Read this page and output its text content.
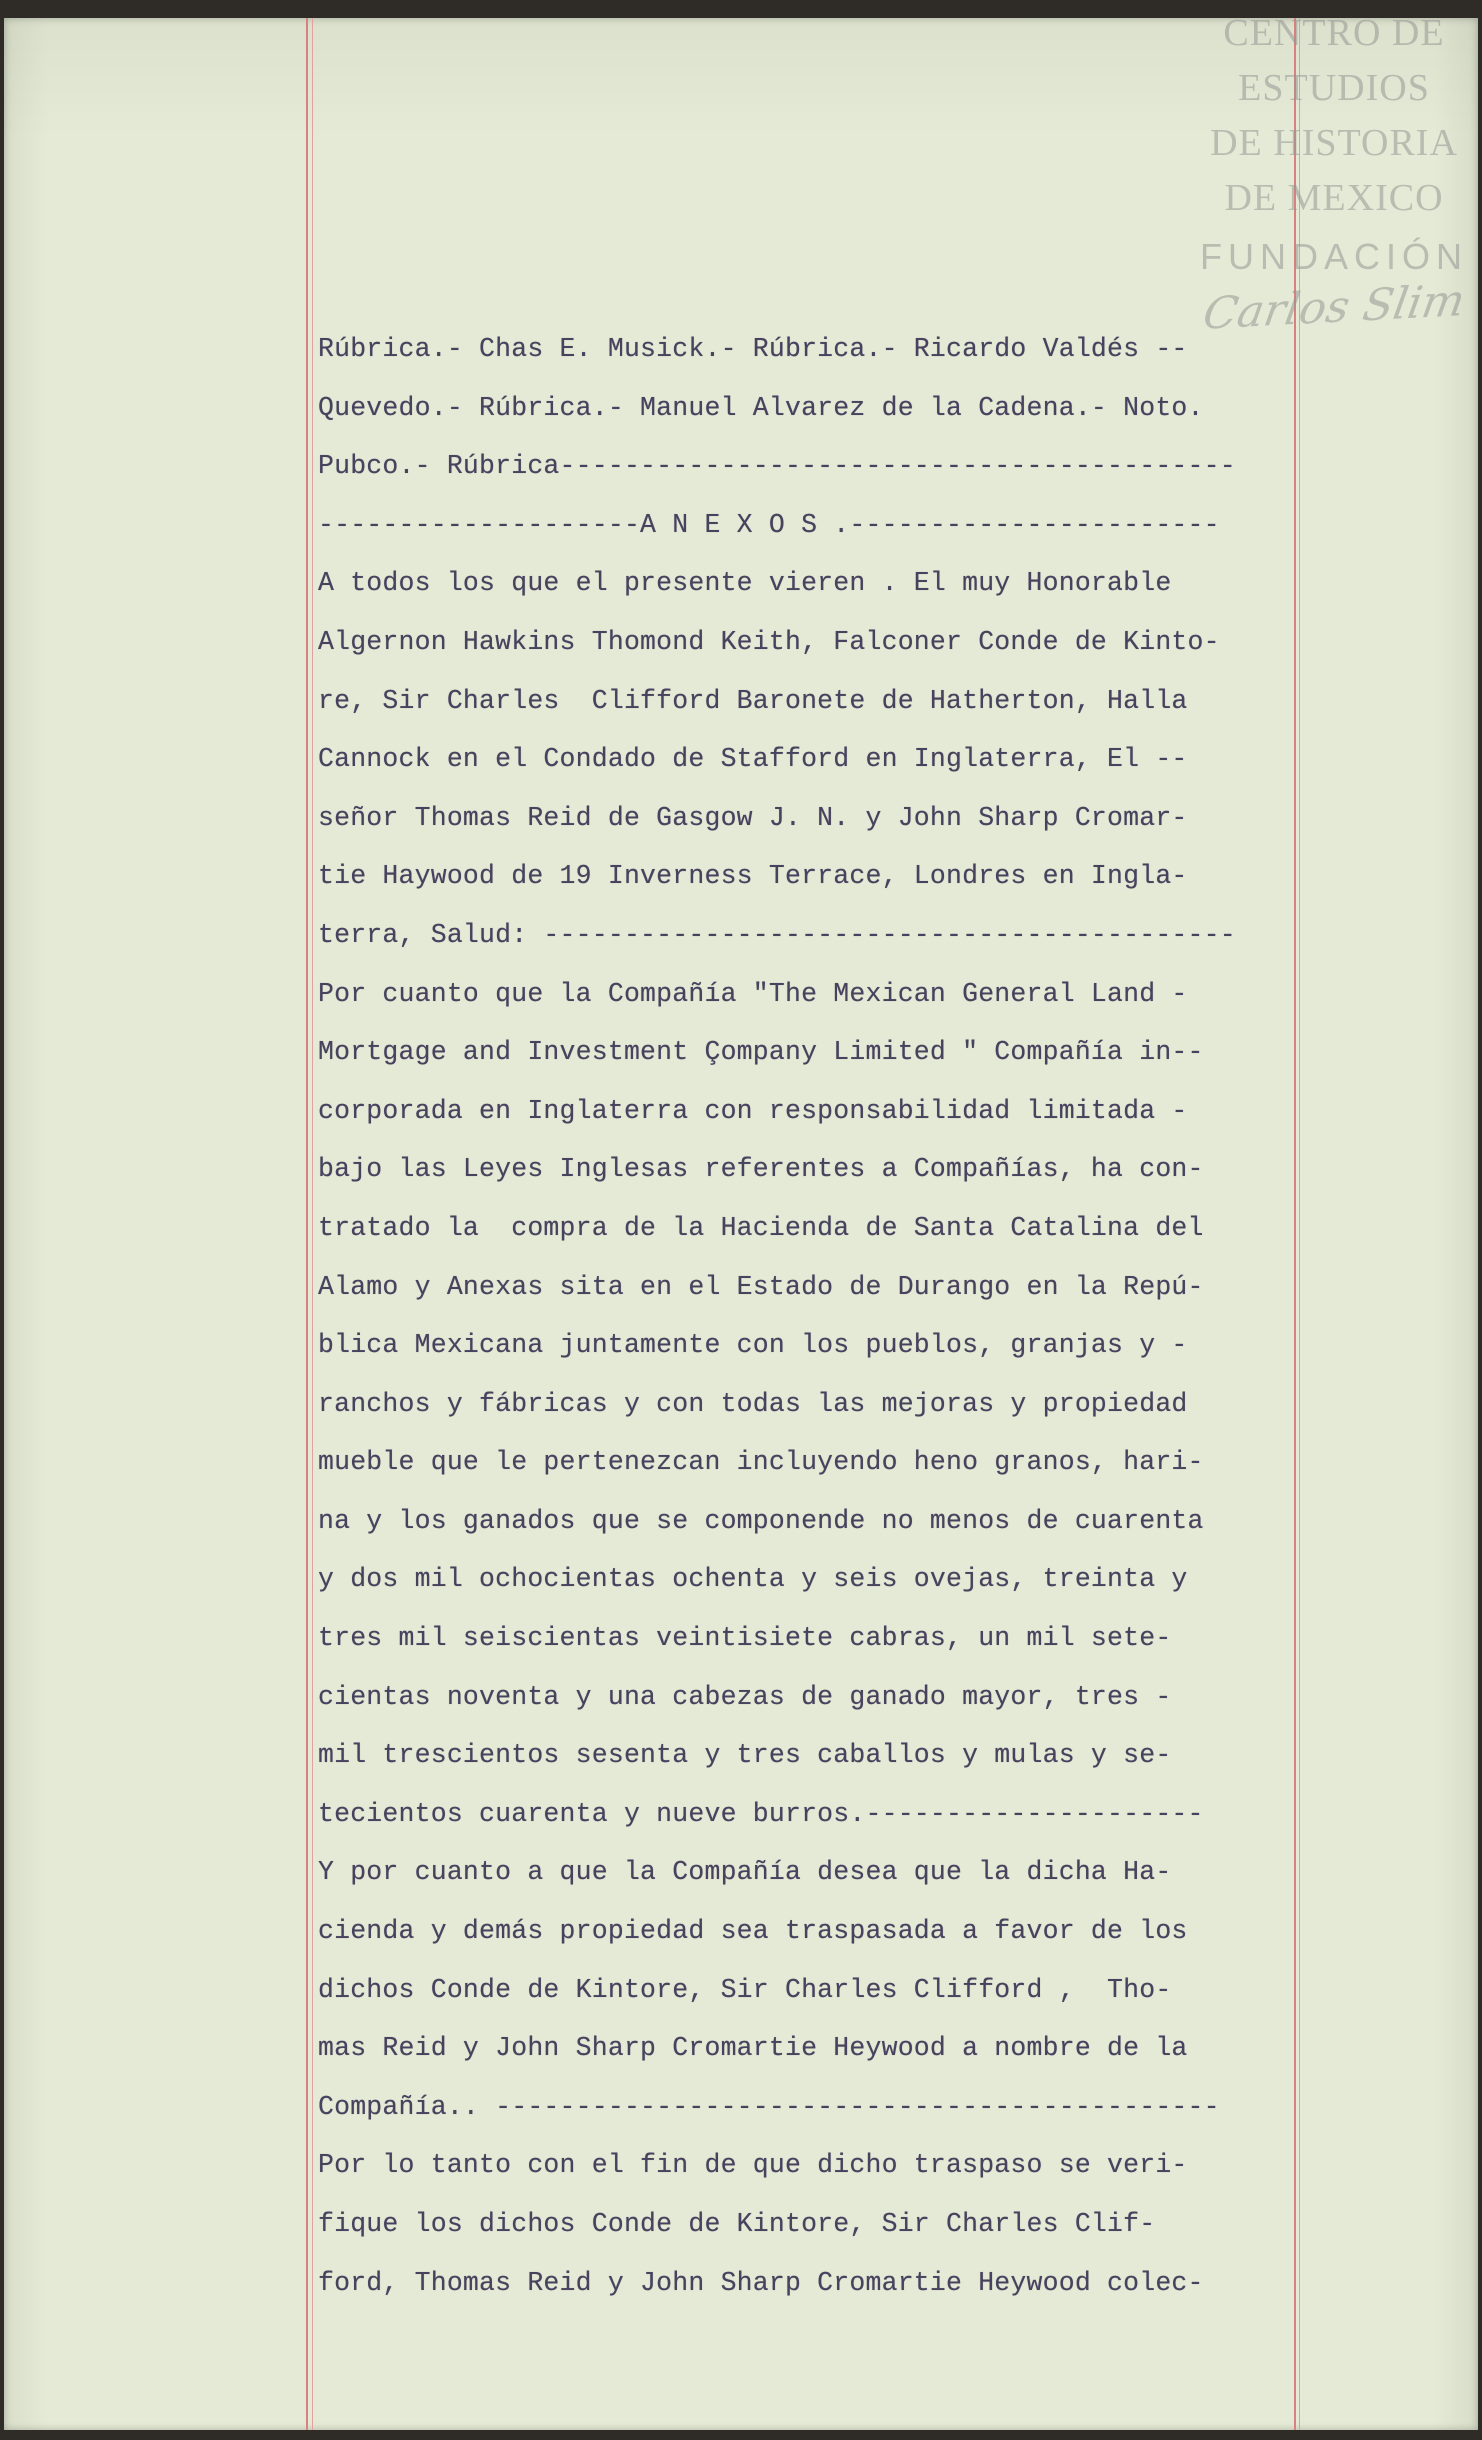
CENTRO DE
ESTUDIOS
DE HISTORIA
DE MEXICO
FUNDACIÓN
Carlos Slim
Rúbrica.- Chas E. Musick.- Rúbrica.- Ricardo Valdés --
Quevedo.- Rúbrica.- Manuel Alvarez de la Cadena.- Noto.
Pubco.- Rúbrica------------------------------------------
--------------------A N E X O S .-----------------------
A todos los que el presente vieren . El muy Honorable
Algernon Hawkins Thomond Keith, Falconer Conde de Kinto-
re, Sir Charles  Clifford Baronete de Hatherton, Halla
Cannock en el Condado de Stafford en Inglaterra, El --
señor Thomas Reid de Gasgow J. N. y John Sharp Cromar-
tie Haywood de 19 Inverness Terrace, Londres en Ingla-
terra, Salud: -------------------------------------------
Por cuanto que la Compañía "The Mexican General Land -
Mortgage and Investment Çompany Limited " Compañía in--
corporada en Inglaterra con responsabilidad limitada -
bajo las Leyes Inglesas referentes a Compañías, ha con-
tratado la  compra de la Hacienda de Santa Catalina del
Alamo y Anexas sita en el Estado de Durango en la Repú-
blica Mexicana juntamente con los pueblos, granjas y -
ranchos y fábricas y con todas las mejoras y propiedad
mueble que le pertenezcan incluyendo heno granos, hari-
na y los ganados que se componende no menos de cuarenta
y dos mil ochocientas ochenta y seis ovejas, treinta y
tres mil seiscientas veintisiete cabras, un mil sete-
cientas noventa y una cabezas de ganado mayor, tres -
mil trescientos sesenta y tres caballos y mulas y se-
tecientos cuarenta y nueve burros.---------------------
Y por cuanto a que la Compañía desea que la dicha Ha-
cienda y demás propiedad sea traspasada a favor de los
dichos Conde de Kintore, Sir Charles Clifford ,  Tho-
mas Reid y John Sharp Cromartie Heywood a nombre de la
Compañía.. ---------------------------------------------
Por lo tanto con el fin de que dicho traspaso se veri-
fique los dichos Conde de Kintore, Sir Charles Clif-
ford, Thomas Reid y John Sharp Cromartie Heywood colec-
